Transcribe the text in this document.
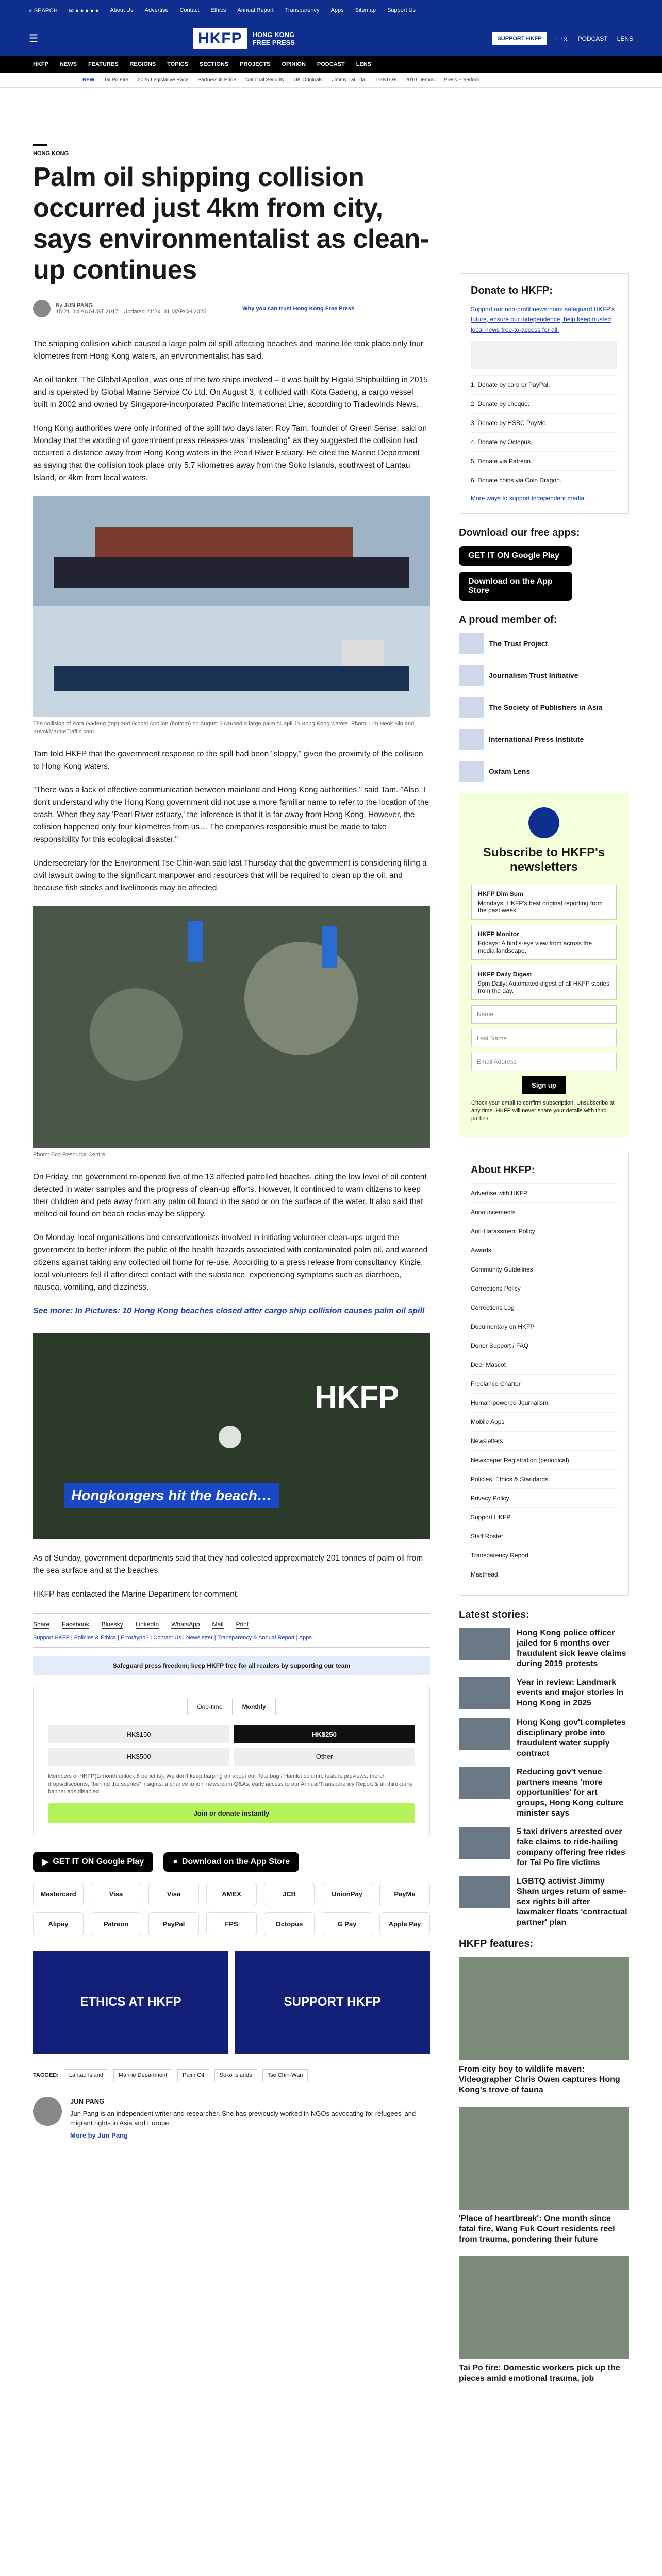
⌕ SEARCH ✉ ● ● ● ● ● About Us Advertise Contact Ethics Annual Report Transparency Apps Sitemap Support Us
☰	HKFP	HONG KONG
FREE PRESS	SUPPORT HKFP	中文 PODCAST LENS
HKFP NEWS FEATURES REGIONS TOPICS SECTIONS PROJECTS OPINION PODCAST LENS
NEW Tai Po Fire 2025 Legislative Race Partners in Pride National Security UK Originals Jimmy Lai Trial LGBTQ+ 2019 Demos Press Freedom
HONG KONG
Palm oil shipping collision occurred just 4km from city, says environmentalist as clean-up continues
By JUN PANG
15:21, 14 AUGUST 2017 · Updated 21:2x, 31 MARCH 2025	Why you can trust Hong Kong Free Press

The shipping collision which caused a large palm oil spill affecting beaches and marine life took place only four kilometres from Hong Kong waters, an environmentalist has said.

An oil tanker, The Global Apollon, was one of the two ships involved – it was built by Higaki Shipbuilding in 2015 and is operated by Global Marine Service Co Ltd. On August 3, it collided with Kota Gadeng, a cargo vessel built in 2002 and owned by Singapore-incorporated Pacific International Line, according to Tradewinds News.

Hong Kong authorities were only informed of the spill two days later. Roy Tam, founder of Green Sense, said on Monday that the wording of government press releases was "misleading" as they suggested the collision had occurred a distance away from Hong Kong waters in the Pearl River Estuary. He cited the Marine Department as saying that the collision took place only 5.7 kilometres away from the Soko Islands, southwest of Lantau Island, or 4km from local waters.

The collision of Kota Gadeng (top) and Global Apollon (bottom) on August 3 caused a large palm oil spill in Hong Kong waters. Photo: Lim Heok Nio and Kuvol/MarineTraffic.com.

Tam told HKFP that the government response to the spill had been "sloppy," given the proximity of the collision to Hong Kong waters.

"There was a lack of effective communication between mainland and Hong Kong authorities," said Tam. "Also, I don't understand why the Hong Kong government did not use a more familiar name to refer to the location of the crash. When they say 'Pearl River estuary,' the inference is that it is far away from Hong Kong. However, the collision happened only four kilometres from us… The companies responsible must be made to take responsibility for this ecological disaster."

Undersecretary for the Environment Tse Chin-wan said last Thursday that the government is considering filing a civil lawsuit owing to the significant manpower and resources that will be required to clean up the oil, and because fish stocks and livelihoods may be affected.

Photo: Eco Resource Centre.

On Friday, the government re-opened five of the 13 affected patrolled beaches, citing the low level of oil content detected in water samples and the progress of clean-up efforts. However, it continued to warn citizens to keep their children and pets away from any palm oil found in the sand or on the surface of the water. It also said that melted oil found on beach rocks may be slippery.

On Monday, local organisations and conservationists involved in initiating volunteer clean-ups urged the government to better inform the public of the health hazards associated with contaminated palm oil, and warned citizens against taking any collected oil home for re-use. According to a press release from consultancy Kinzie, local volunteers fell ill after direct contact with the substance, experiencing symptoms such as diarrhoea, nausea, vomiting, and dizziness.

See more: In Pictures: 10 Hong Kong beaches closed after cargo ship collision causes palm oil spill
HKFP
Hongkongers hit the beach…

As of Sunday, government departments said that they had collected approximately 201 tonnes of palm oil from the sea surface and at the beaches.

HKFP has contacted the Marine Department for comment.

Share Facebook Bluesky LinkedIn WhatsApp Mail Print
Support HKFP | Policies & Ethics | Error/typo? | Contact Us | Newsletter | Transparency & Annual Report | Apps
Safeguard press freedom; keep HKFP free for all readers by supporting our team
One-time	Monthly
HK$150	HK$250
HK$500	Other
Members of HKFP(1/month unlock 6 benefits): We don't keep harping on about our Tote bag / Hamlet column, feature previews, merch drops/discounts, "behind the scenes" insights, a chance to join newsroom Q&As, early access to our Annual/Transparency Report & all third-party banner ads disabled.
Join or donate instantly
▶ GET IT ON Google Play	● Download on the App Store
Mastercard	Visa	Visa	AMEX	JCB	UnionPay	PayMe
Alipay	Patreon	PayPal	FPS	Octopus	G Pay	Apple Pay
ETHICS AT HKFP	SUPPORT HKFP
TAGGED:	Lantau Island	Marine Department	Palm Oil	Soko Islands	Tse Chin-Wan
JUN PANG
Jun Pang is an independent writer and researcher. She has previously worked in NGOs advocating for refugees' and migrant rights in Asia and Europe.
More by Jun Pang
Donate to HKFP:
Support our non-profit newsroom: safeguard HKFP's future, ensure our independence, help keep trusted local news free-to-access for all.
1. Donate by card or PayPal.
2. Donate by cheque.
3. Donate by HSBC PayMe.
4. Donate by Octopus.
5. Donate via Patreon.
6. Donate coins via Coin Dragon.
More ways to support independent media.
Download our free apps:
GET IT ON Google Play
Download on the App Store
A proud member of:
The Trust Project
Journalism Trust Initiative
The Society of Publishers in Asia
International Press Institute
Oxfam Lens
Subscribe to HKFP's newsletters
HKFP Dim Sum
Mondays: HKFP's best original reporting from the past week.
HKFP Monitor
Fridays: A bird's-eye view from across the media landscape.
HKFP Daily Digest
9pm Daily: Automated digest of all HKFP stories from the day.
Name
Last Name
Email Address
Sign up
Check your email to confirm subscription. Unsubscribe at any time. HKFP will never share your details with third parties.
About HKFP:
Advertise with HKFP
Announcements
Anti-Harassment Policy
Awards
Community Guidelines
Corrections Policy
Corrections Log
Documentary on HKFP
Donor Support / FAQ
Deer Mascot
Freelance Charter
Human-powered Journalism
Mobile Apps
Newsletters
Newspaper Registration (periodical)
Policies, Ethics & Standards
Privacy Policy
Support HKFP
Staff Roster
Transparency Report
Masthead
Latest stories:
Hong Kong police officer jailed for 6 months over fraudulent sick leave claims during 2019 protests
Year in review: Landmark events and major stories in Hong Kong in 2025
Hong Kong gov't completes disciplinary probe into fraudulent water supply contract
Reducing gov't venue partners means 'more opportunities' for art groups, Hong Kong culture minister says
5 taxi drivers arrested over fake claims to ride-hailing company offering free rides for Tai Po fire victims
LGBTQ activist Jimmy Sham urges return of same-sex rights bill after lawmaker floats 'contractual partner' plan
HKFP features:
From city boy to wildlife maven: Videographer Chris Owen captures Hong Kong's trove of fauna
'Place of heartbreak': One month since fatal fire, Wang Fuk Court residents reel from trauma, pondering their future
Tai Po fire: Domestic workers pick up the pieces amid emotional trauma, job
